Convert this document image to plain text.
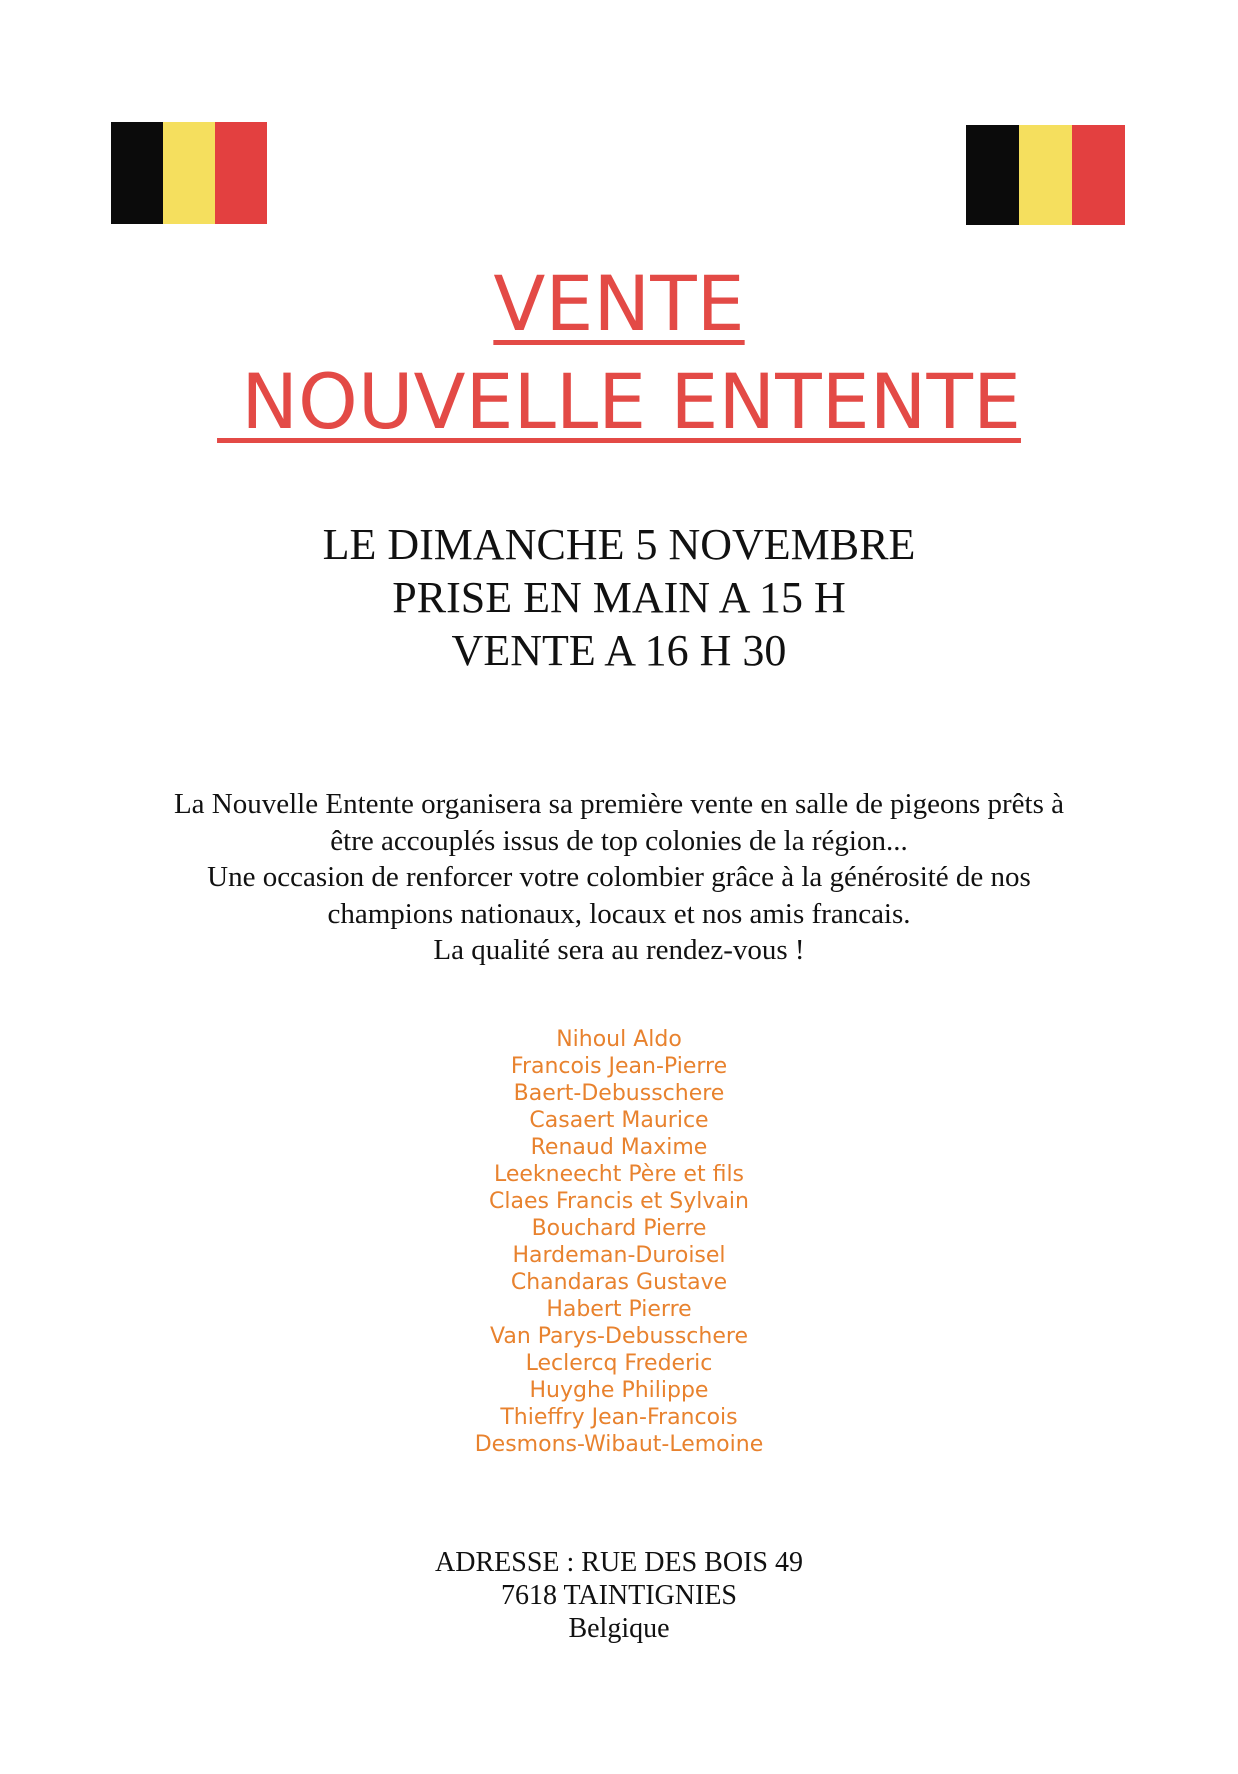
VENTE
NOUVELLE ENTENTE
LE DIMANCHE 5 NOVEMBRE
PRISE EN MAIN A 15 H
VENTE A 16 H 30
La Nouvelle Entente organisera sa première vente en salle de pigeons prêts à
être accouplés issus de top colonies de la région...
Une occasion de renforcer votre colombier grâce à la générosité de nos
champions nationaux, locaux et nos amis francais.
La qualité sera au rendez-vous !
Nihoul Aldo
Francois Jean-Pierre
Baert-Debusschere
Casaert Maurice
Renaud Maxime
Leekneecht Père et fils
Claes Francis et Sylvain
Bouchard Pierre
Hardeman-Duroisel
Chandaras Gustave
Habert Pierre
Van Parys-Debusschere
Leclercq Frederic
Huyghe Philippe
Thieffry Jean-Francois
Desmons-Wibaut-Lemoine
ADRESSE : RUE DES BOIS 49
7618 TAINTIGNIES
Belgique
